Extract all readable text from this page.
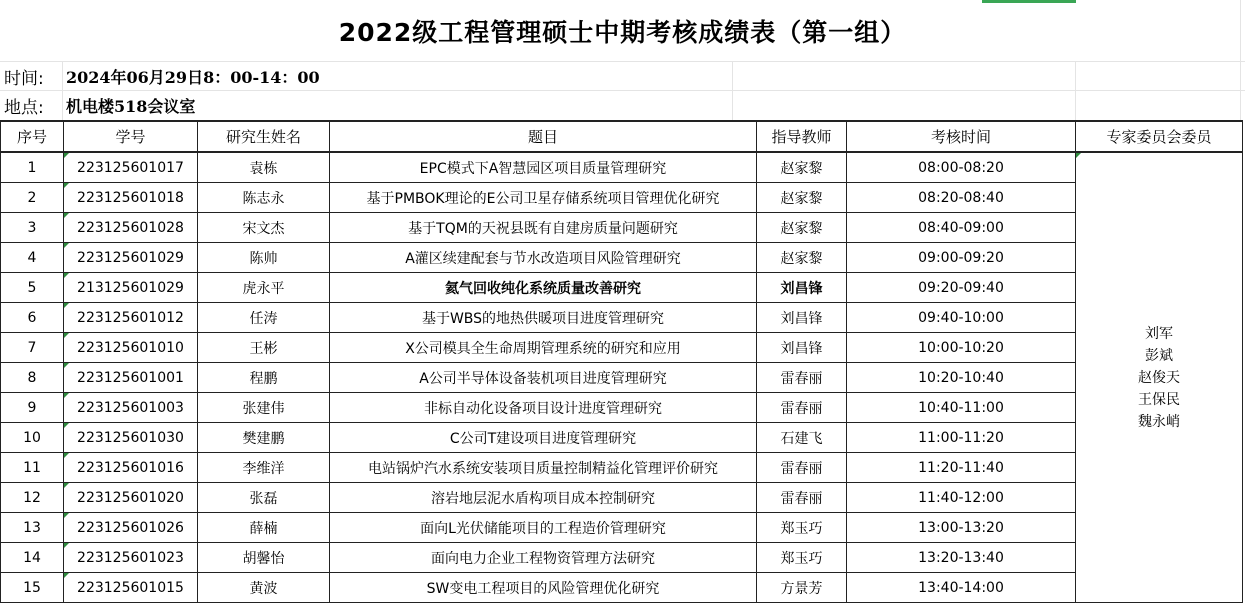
2022级工程管理硕士中期考核成绩表（第一组）
时间:	2024年06月29日8：00-14：00
地点:	机电楼518会议室
序号	学号	研究生姓名	题目	指导教师	考核时间	专家委员会委员
1	223125601017	袁栋	EPC模式下A智慧园区项目质量管理研究	赵家黎	08:00-08:20	刘军
彭斌
赵俊天
王保民
魏永峭

2	223125601018	陈志永	基于PMBOK理论的E公司卫星存储系统项目管理优化研究	赵家黎	08:20-08:40	
3	223125601028	宋文杰	基于TQM的天祝县既有自建房质量问题研究	赵家黎	08:40-09:00	
4	223125601029	陈帅	A灌区续建配套与节水改造项目风险管理研究	赵家黎	09:00-09:20	
5	213125601029	虎永平	氦气回收纯化系统质量改善研究	刘昌锋	09:20-09:40	
6	223125601012	任涛	基于WBS的地热供暖项目进度管理研究	刘昌锋	09:40-10:00	
7	223125601010	王彬	X公司模具全生命周期管理系统的研究和应用	刘昌锋	10:00-10:20	
8	223125601001	程鹏	A公司半导体设备装机项目进度管理研究	雷春丽	10:20-10:40	
9	223125601003	张建伟	非标自动化设备项目设计进度管理研究	雷春丽	10:40-11:00	
10	223125601030	樊建鹏	C公司T建设项目进度管理研究	石建飞	11:00-11:20	
11	223125601016	李维洋	电站锅炉汽水系统安装项目质量控制精益化管理评价研究	雷春丽	11:20-11:40	
12	223125601020	张磊	溶岩地层泥水盾构项目成本控制研究	雷春丽	11:40-12:00	
13	223125601026	薛楠	面向L光伏储能项目的工程造价管理研究	郑玉巧	13:00-13:20	
14	223125601023	胡馨怡	面向电力企业工程物资管理方法研究	郑玉巧	13:20-13:40	
15	223125601015	黄波	SW变电工程项目的风险管理优化研究	方景芳	13:40-14:00	
